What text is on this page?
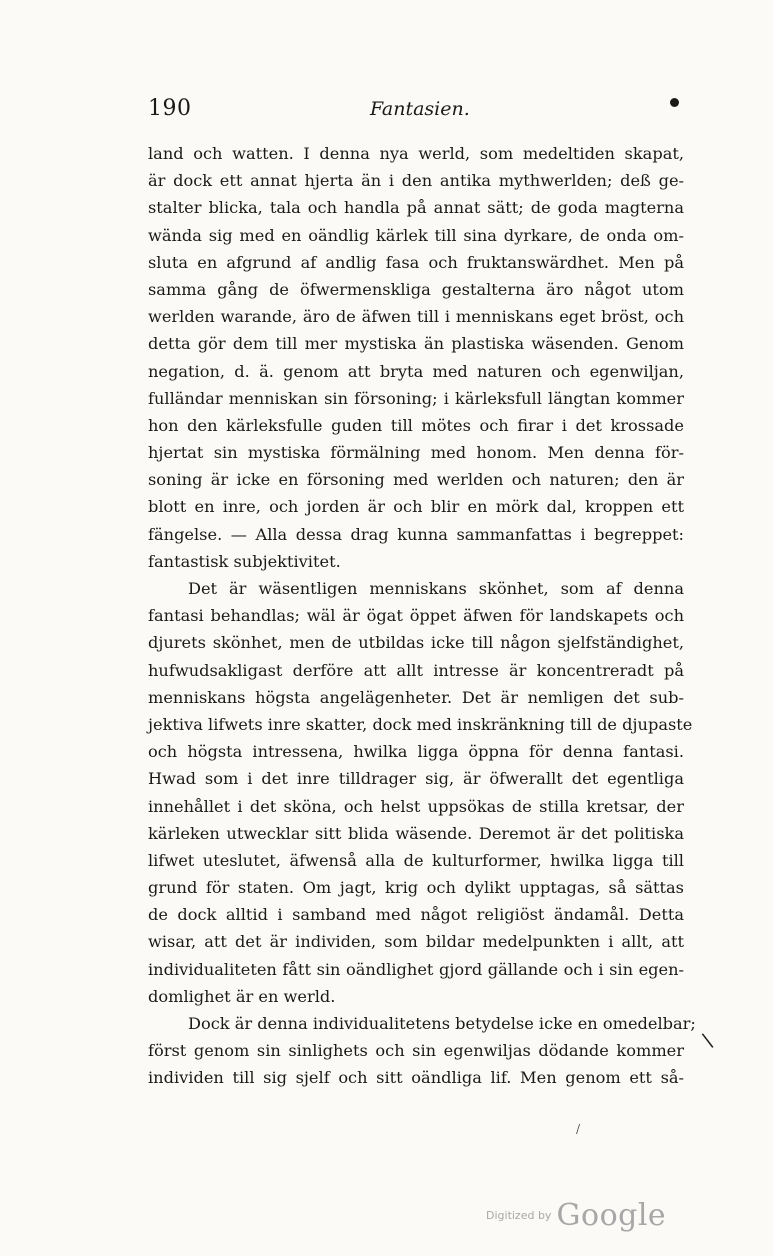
190	Fantasien.
land och watten. I denna nya werld, som medeltiden skapat,
är dock ett annat hjerta än i den antika mythwerlden; deß ge-
stalter blicka, tala och handla på annat sätt; de goda magterna
wända sig med en oändlig kärlek till sina dyrkare, de onda om-
sluta en afgrund af andlig fasa och fruktanswärdhet. Men på
samma gång de öfwermenskliga gestalterna äro något utom
werlden warande, äro de äfwen till i menniskans eget bröst, och
detta gör dem till mer mystiska än plastiska wäsenden. Genom
negation, d. ä. genom att bryta med naturen och egenwiljan,
fulländar menniskan sin försoning; i kärleksfull längtan kommer
hon den kärleksfulle guden till mötes och firar i det krossade
hjertat sin mystiska förmälning med honom. Men denna för-
soning är icke en försoning med werlden och naturen; den är
blott en inre, och jorden är och blir en mörk dal, kroppen ett
fängelse. — Alla dessa drag kunna sammanfattas i begreppet:
fantastisk subjektivitet.
Det är wäsentligen menniskans skönhet, som af denna
fantasi behandlas; wäl är ögat öppet äfwen för landskapets och
djurets skönhet, men de utbildas icke till någon sjelfständighet,
hufwudsakligast derföre att allt intresse är koncentreradt på
menniskans högsta angelägenheter. Det är nemligen det sub-
jektiva lifwets inre skatter, dock med inskränkning till de djupaste
och högsta intressena, hwilka ligga öppna för denna fantasi.
Hwad som i det inre tilldrager sig, är öfwerallt det egentliga
innehållet i det sköna, och helst uppsökas de stilla kretsar, der
kärleken utwecklar sitt blida wäsende. Deremot är det politiska
lifwet uteslutet, äfwenså alla de kulturformer, hwilka ligga till
grund för staten. Om jagt, krig och dylikt upptagas, så sättas
de dock alltid i samband med något religiöst ändamål. Detta
wisar, att det är individen, som bildar medelpunkten i allt, att
individualiteten fått sin oändlighet gjord gällande och i sin egen-
domlighet är en werld.
Dock är denna individualitetens betydelse icke en omedelbar;
först genom sin sinlighets och sin egenwiljas dödande kommer
individen till sig sjelf och sitt oändliga lif. Men genom ett så-
\
/
Digitized by Google
